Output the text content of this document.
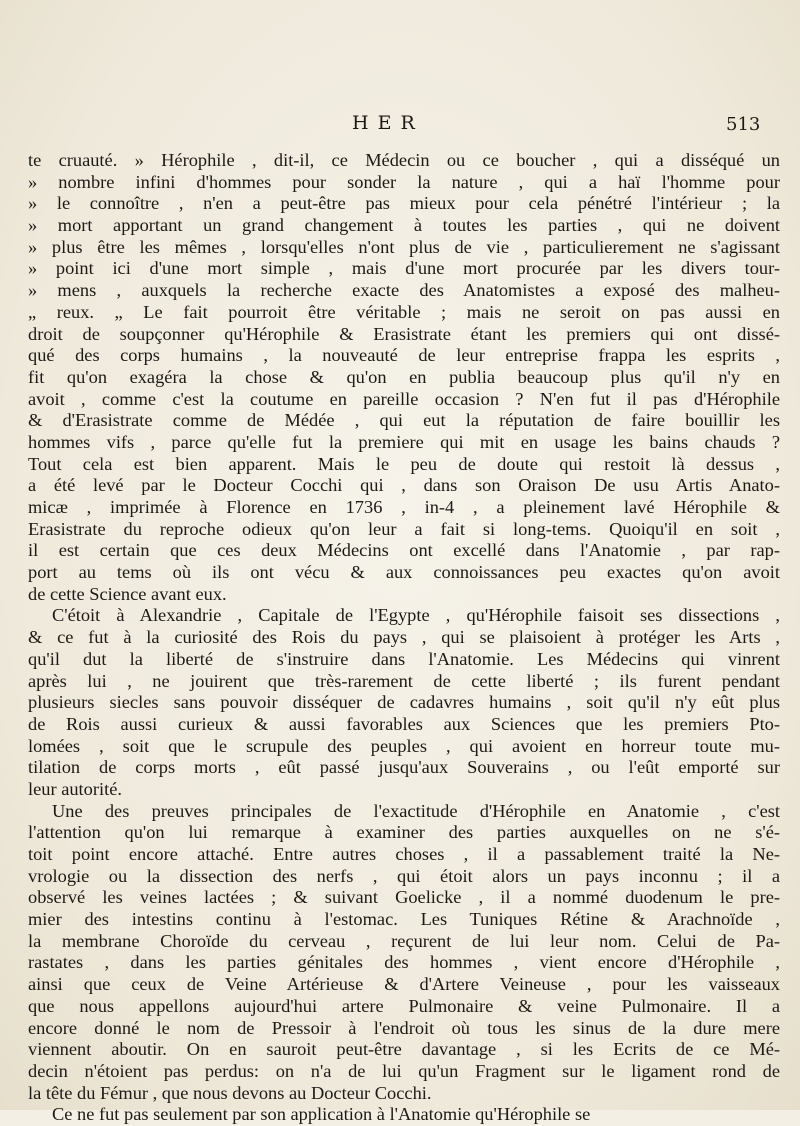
HER	513
te cruauté. » Hérophile , dit-il, ce Médecin ou ce boucher , qui a disséqué un
» nombre infini d'hommes pour sonder la nature , qui a haï l'homme pour
» le connoître , n'en a peut-être pas mieux pour cela pénétré l'intérieur ; la
» mort apportant un grand changement à toutes les parties , qui ne doivent
» plus être les mêmes , lorsqu'elles n'ont plus de vie , particulierement ne s'agissant
» point ici d'une mort simple , mais d'une mort procurée par les divers tour-
» mens , auxquels la recherche exacte des Anatomistes a exposé des malheu-
„ reux. „ Le fait pourroit être véritable ; mais ne seroit on pas aussi en
droit de soupçonner qu'Hérophile & Erasistrate étant les premiers qui ont dissé-
qué des corps humains , la nouveauté de leur entreprise frappa les esprits ,
fit qu'on exagéra la chose & qu'on en publia beaucoup plus qu'il n'y en
avoit , comme c'est la coutume en pareille occasion ? N'en fut il pas d'Hérophile
& d'Erasistrate comme de Médée , qui eut la réputation de faire bouillir les
hommes vifs , parce qu'elle fut la premiere qui mit en usage les bains chauds ?
Tout cela est bien apparent. Mais le peu de doute qui restoit là dessus ,
a été levé par le Docteur Cocchi qui , dans son Oraison De usu Artis Anato-
micæ , imprimée à Florence en 1736 , in-4 , a pleinement lavé Hérophile &
Erasistrate du reproche odieux qu'on leur a fait si long-tems. Quoiqu'il en soit ,
il est certain que ces deux Médecins ont excellé dans l'Anatomie , par rap-
port au tems où ils ont vécu & aux connoissances peu exactes qu'on avoit
de cette Science avant eux.
C'étoit à Alexandrie , Capitale de l'Egypte , qu'Hérophile faisoit ses dissections ,
& ce fut à la curiosité des Rois du pays , qui se plaisoient à protéger les Arts ,
qu'il dut la liberté de s'instruire dans l'Anatomie. Les Médecins qui vinrent
après lui , ne jouirent que très-rarement de cette liberté ; ils furent pendant
plusieurs siecles sans pouvoir disséquer de cadavres humains , soit qu'il n'y eût plus
de Rois aussi curieux & aussi favorables aux Sciences que les premiers Pto-
lomées , soit que le scrupule des peuples , qui avoient en horreur toute mu-
tilation de corps morts , eût passé jusqu'aux Souverains , ou l'eût emporté sur
leur autorité.
Une des preuves principales de l'exactitude d'Hérophile en Anatomie , c'est
l'attention qu'on lui remarque à examiner des parties auxquelles on ne s'é-
toit point encore attaché. Entre autres choses , il a passablement traité la Ne-
vrologie ou la dissection des nerfs , qui étoit alors un pays inconnu ; il a
observé les veines lactées ; & suivant Goelicke , il a nommé duodenum le pre-
mier des intestins continu à l'estomac. Les Tuniques Rétine & Arachnoïde ,
la membrane Choroïde du cerveau , reçurent de lui leur nom. Celui de Pa-
rastates , dans les parties génitales des hommes , vient encore d'Hérophile ,
ainsi que ceux de Veine Artérieuse & d'Artere Veineuse , pour les vaisseaux
que nous appellons aujourd'hui artere Pulmonaire & veine Pulmonaire. Il a
encore donné le nom de Pressoir à l'endroit où tous les sinus de la dure mere
viennent aboutir. On en sauroit peut-être davantage , si les Ecrits de ce Mé-
decin n'étoient pas perdus: on n'a de lui qu'un Fragment sur le ligament rond de
la tête du Fémur , que nous devons au Docteur Cocchi.
Ce ne fut pas seulement par son application à l'Anatomie qu'Hérophile se
